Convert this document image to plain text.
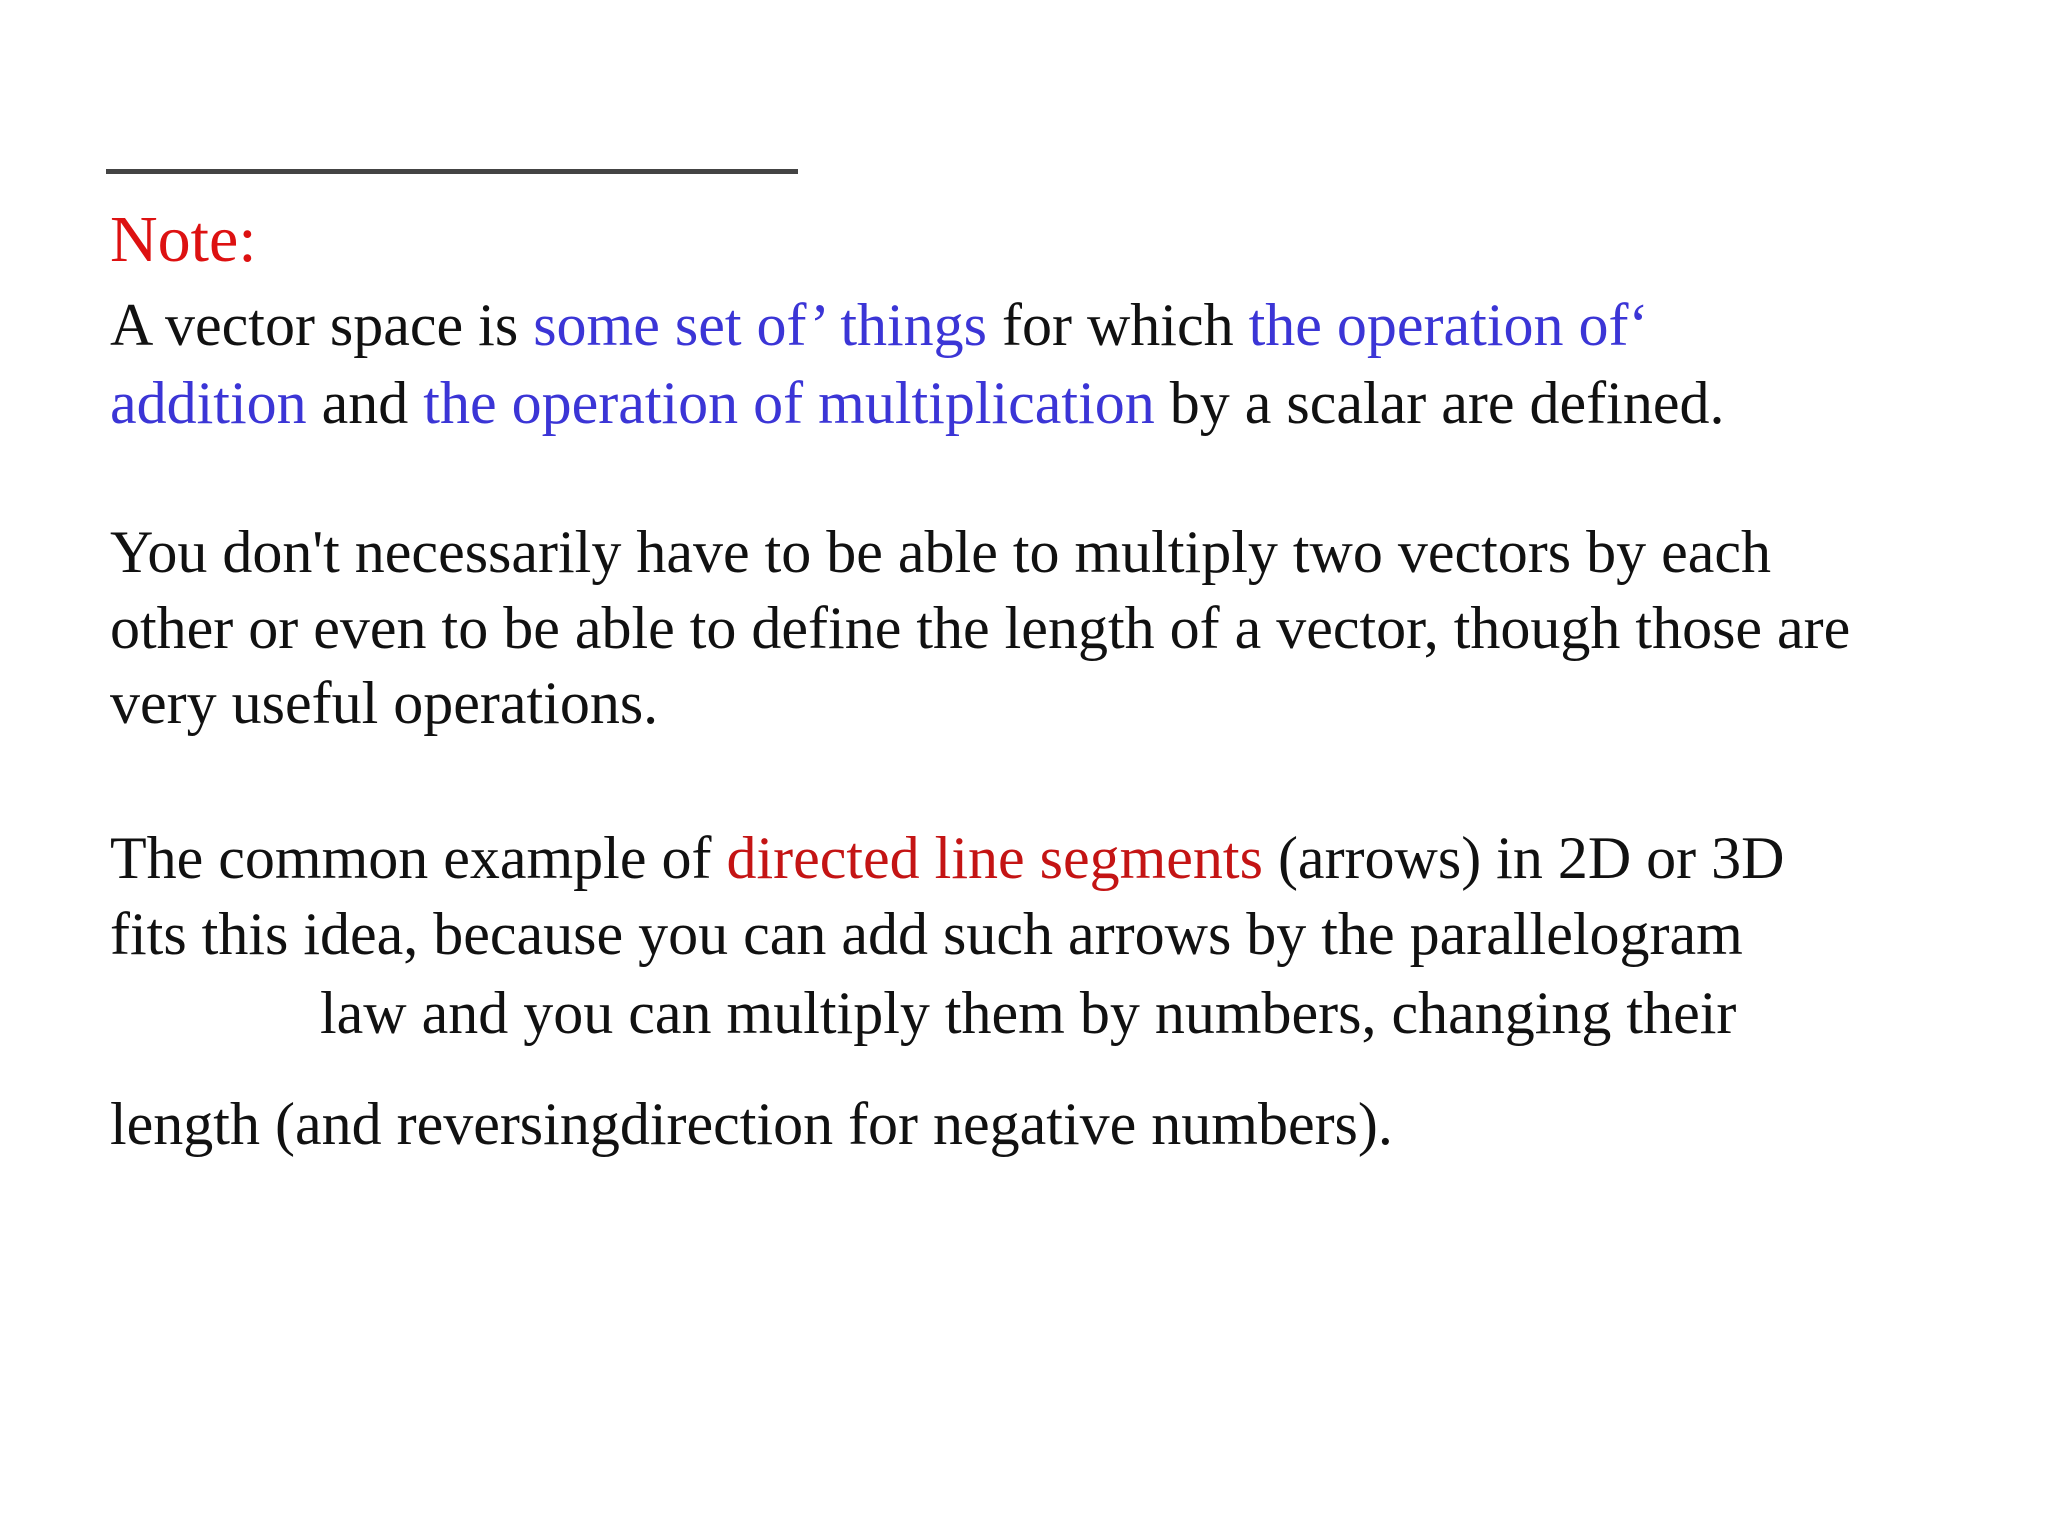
Note:
A vector space is some set of’ things for which the operation of‘
addition and the operation of multiplication by a scalar are defined.
You don't necessarily have to be able to multiply two vectors by each
other or even to be able to define the length of a vector, though those are
very useful operations.
The common example of directed line segments (arrows) in 2D or 3D
fits this idea, because you can add such arrows by the parallelogram
law and you can multiply them by numbers, changing their
length (and reversingdirection for negative numbers).
